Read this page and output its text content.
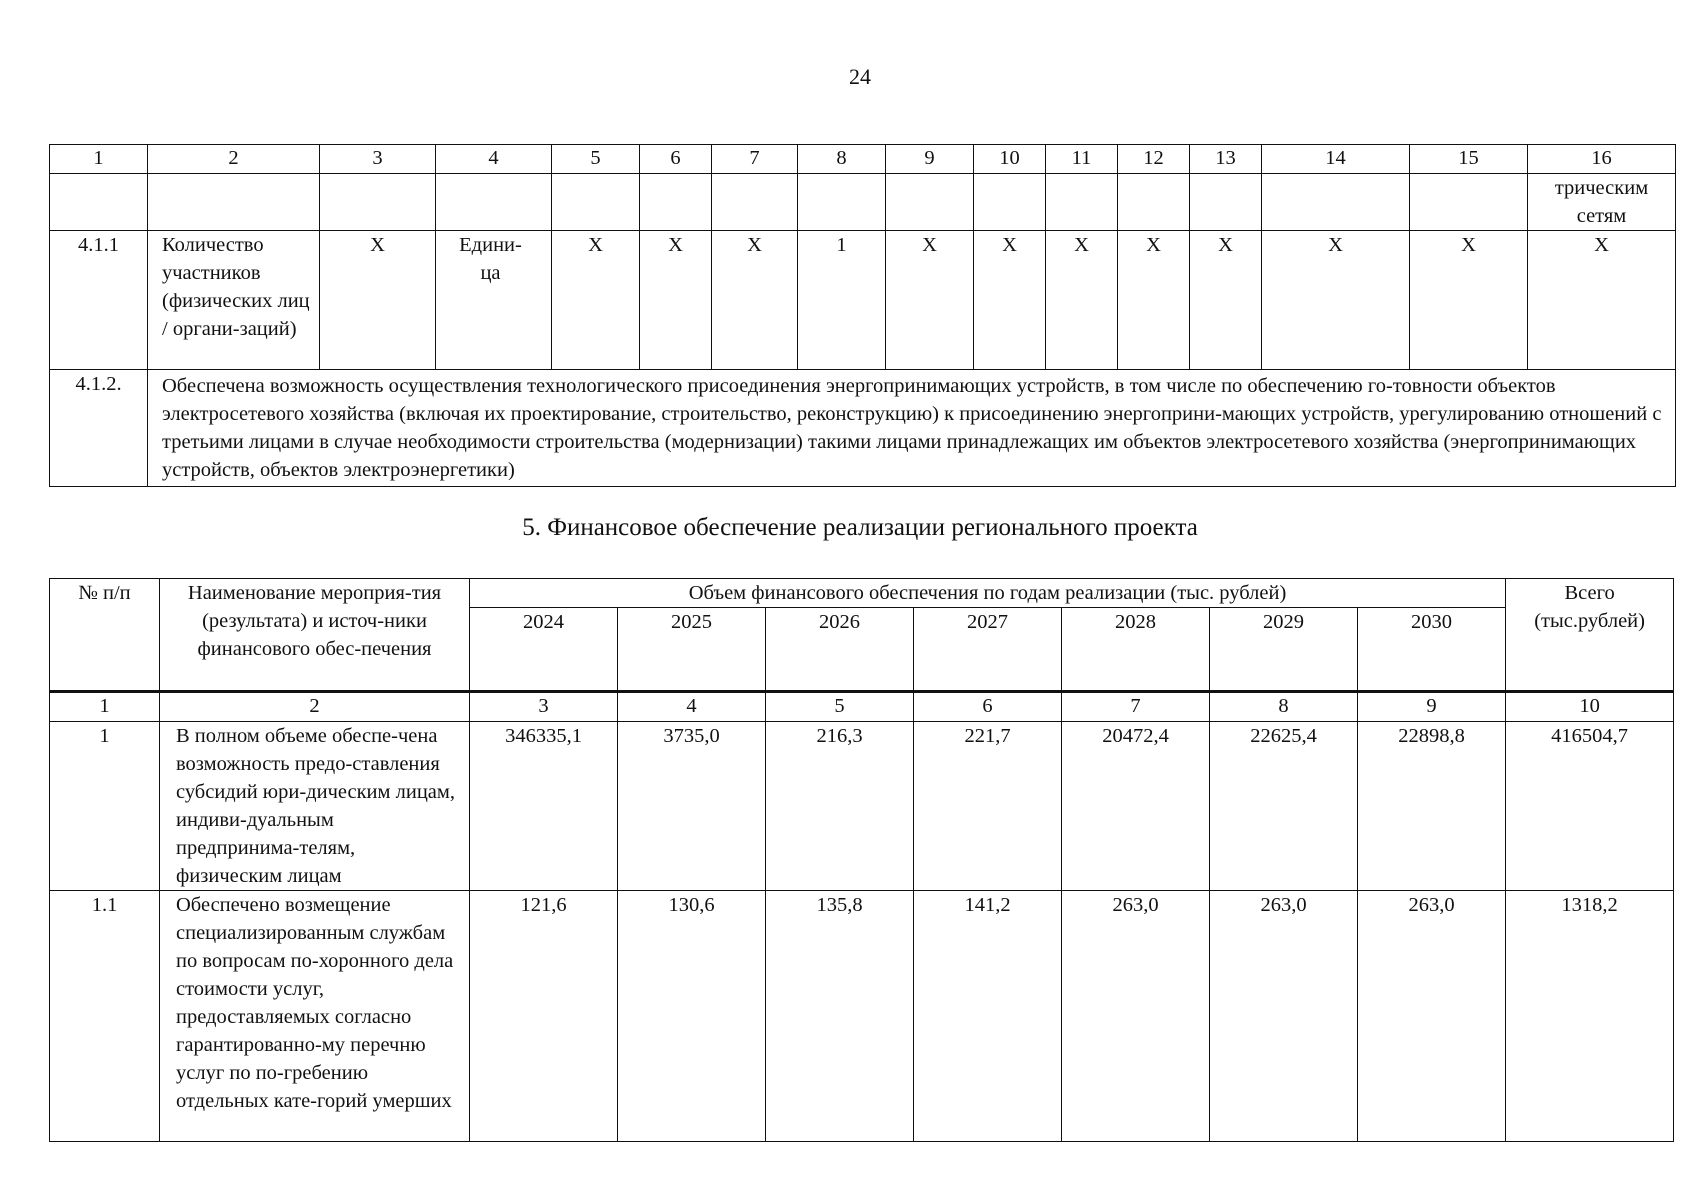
24
1	2	3	4	5	6	7	8	9	10	11	12	13	14	15	16
															трическим сетям
4.1.1	Количество участников (физических лиц / органи-заций)	Х	Едини-ца	Х	Х	Х	1	Х	Х	Х	Х	Х	Х	Х	Х
4.1.2.	Обеспечена возможность осуществления технологического присоединения энергопринимающих устройств, в том числе по обеспечению го-товности объектов электросетевого хозяйства (включая их проектирование, строительство, реконструкцию) к присоединению энергоприни-мающих устройств, урегулированию отношений с третьими лицами в случае необходимости строительства (модернизации) такими лицами принадлежащих им объектов электросетевого хозяйства (энергопринимающих устройств, объектов электроэнергетики)														
5. Финансовое обеспечение реализации регионального проекта
№ п/п	Наименование мероприя-тия (результата) и источ-ники финансового обес-печения	Объем финансового обеспечения по годам реализации (тыс. рублей)							Всего (тыс.рублей)
		2024	2025	2026	2027	2028	2029	2030	
1	2	3	4	5	6	7	8	9	10
1	В полном объеме обеспе-чена возможность предо-ставления субсидий юри-дическим лицам, индиви-дуальным предпринима-телям, физическим лицам	346335,1	3735,0	216,3	221,7	20472,4	22625,4	22898,8	416504,7
1.1	Обеспечено возмещение специализированным службам по вопросам по-хоронного дела стоимости услуг, предоставляемых согласно гарантированно-му перечню услуг по по-гребению отдельных кате-горий умерших	121,6	130,6	135,8	141,2	263,0	263,0	263,0	1318,2
